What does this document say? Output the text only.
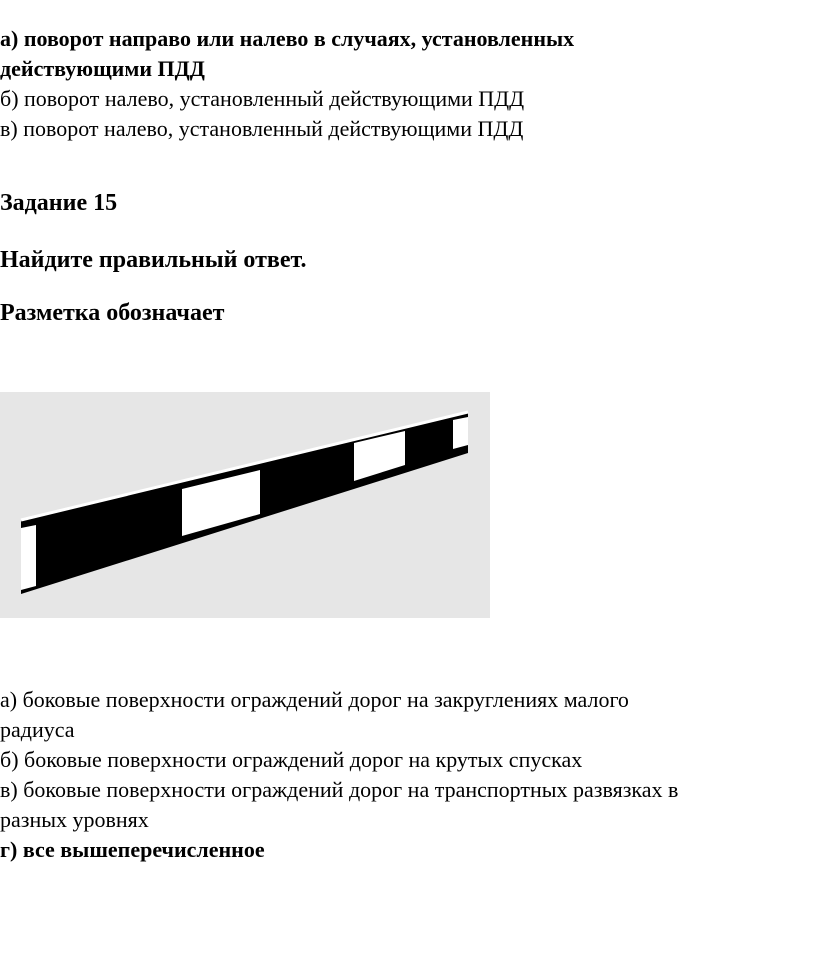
а) поворот направо или налево в случаях, установленных
действующими ПДД
б) поворот налево, установленный действующими ПДД
в) поворот налево, установленный действующими ПДД
Задание 15
Найдите правильный ответ.
Разметка обозначает
а) боковые поверхности ограждений дорог на закруглениях малого
радиуса
б) боковые поверхности ограждений дорог на крутых спусках
в) боковые поверхности ограждений дорог на транспортных развязках в
разных уровнях
г) все вышеперечисленное
